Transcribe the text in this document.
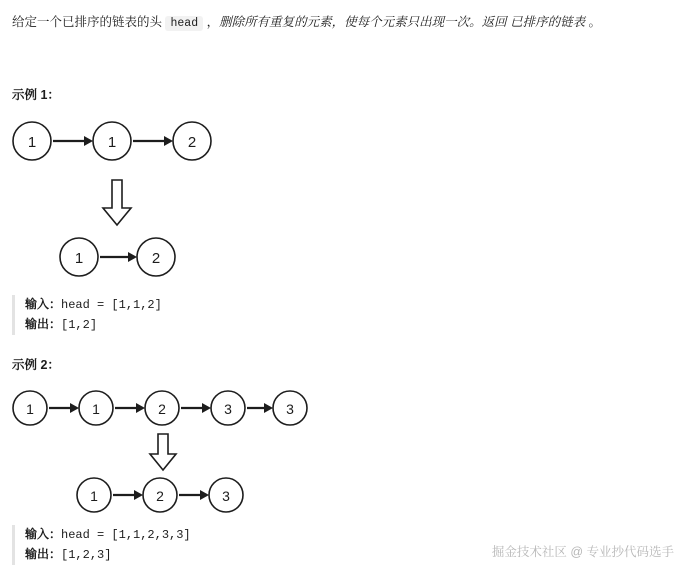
给定一个已排序的链表的头 head ，删除所有重复的元素，使每个元素只出现一次。返回 已排序的链表 。
示例 1：
1	1	2
1	2
输入：head = [1,1,2]
输出：[1,2]
示例 2：
1	1	2	3	3
1	2	3
输入：head = [1,1,2,3,3]
输出：[1,2,3]	掘金技术社区 @ 专业抄代码选手
